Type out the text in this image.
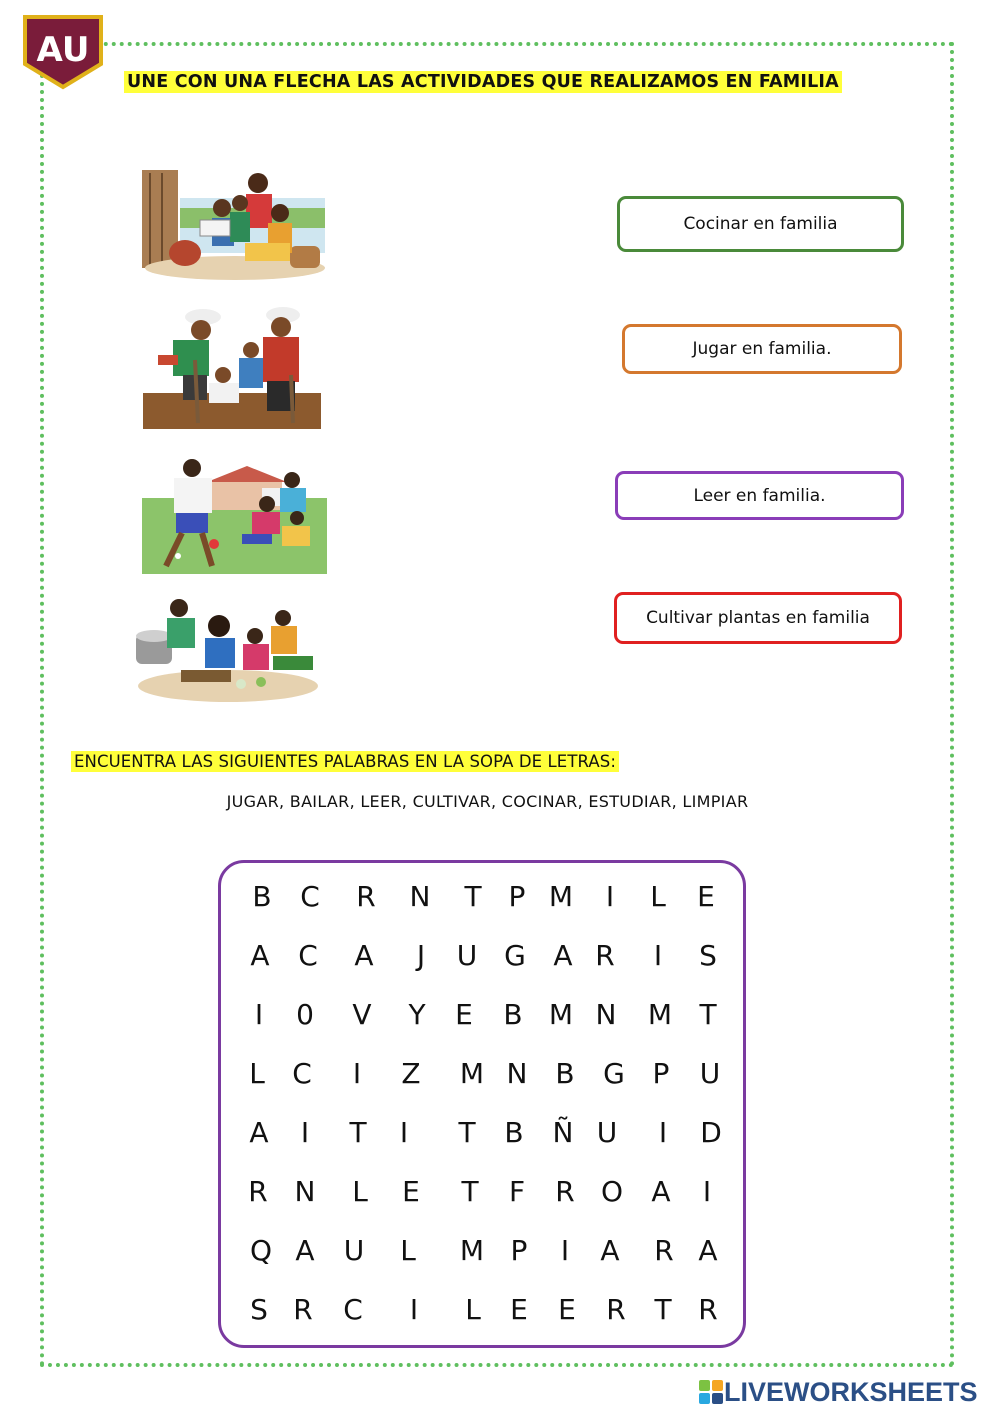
AU
UNE CON UNA FLECHA LAS ACTIVIDADES QUE REALIZAMOS EN FAMILIA
Cocinar en familia
Jugar en familia.
Leer en familia.
Cultivar plantas en familia
ENCUENTRA LAS SIGUIENTES PALABRAS EN LA SOPA DE LETRAS:
JUGAR, BAILAR, LEER, CULTIVAR, COCINAR, ESTUDIAR, LIMPIAR
B	C	R	N	T P M	I	L	E
A	C	A	J	U G A R	I	S
I	0	V	Y	E	B M N	M T
L C	I	Z	M N B	G P	U
A	I	T	I	T	B	Ñ U	I	D
R N	L	E	T	F	R O	A	I
Q A	U	L	M P	I	A	R A
S R	C	I	L	E	E	R	T R
LIVEWORKSHEETS
